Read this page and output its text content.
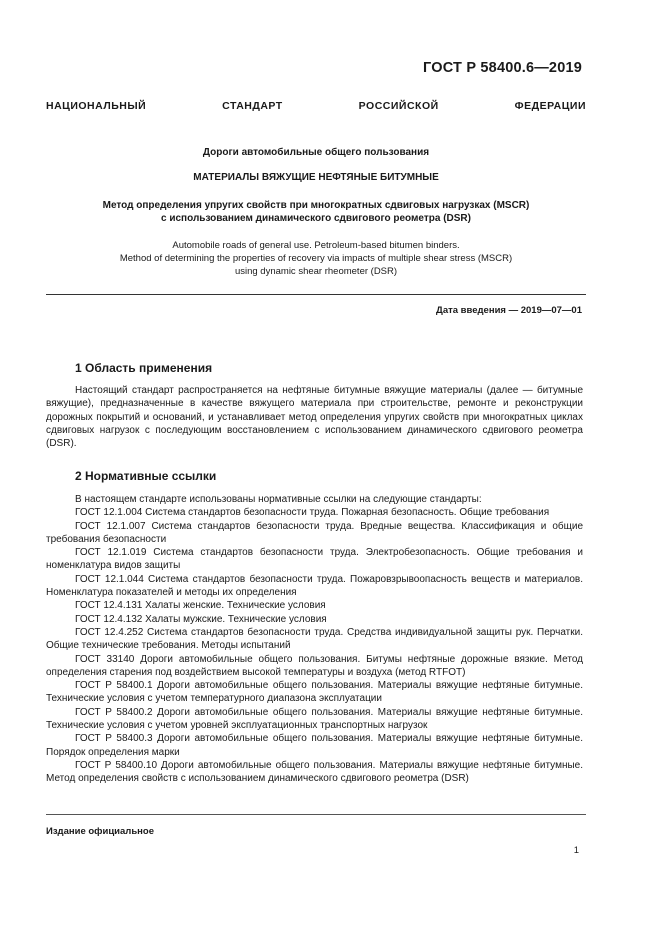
ГОСТ Р 58400.6—2019
НАЦИОНАЛЬНЫЙ СТАНДАРТ РОССИЙСКОЙ ФЕДЕРАЦИИ
Дороги автомобильные общего пользования
МАТЕРИАЛЫ ВЯЖУЩИЕ НЕФТЯНЫЕ БИТУМНЫЕ
Метод определения упругих свойств при многократных сдвиговых нагрузках (MSCR)
с использованием динамического сдвигового реометра (DSR)
Automobile roads of general use. Petroleum-based bitumen binders.
Method of determining the properties of recovery via impacts of multiple shear stress (MSCR)
using dynamic shear rheometer (DSR)
Дата введения — 2019—07—01
1 Область применения

Настоящий стандарт распространяется на нефтяные битумные вяжущие материалы (далее — битумные вяжущие), предназначенные в качестве вяжущего материала при строительстве, ремонте и реконструкции дорожных покрытий и оснований, и устанавливает метод определения упругих свойств при многократных циклах сдвиговых нагрузок с последующим восстановлением с использованием динамического сдвигового реометра (DSR).

2 Нормативные ссылки

В настоящем стандарте использованы нормативные ссылки на следующие стандарты:

ГОСТ 12.1.004 Система стандартов безопасности труда. Пожарная безопасность. Общие требования

ГОСТ 12.1.007 Система стандартов безопасности труда. Вредные вещества. Классификация и общие требования безопасности

ГОСТ 12.1.019 Система стандартов безопасности труда. Электробезопасность. Общие требования и номенклатура видов защиты

ГОСТ 12.1.044 Система стандартов безопасности труда. Пожаровзрывоопасность веществ и материалов. Номенклатура показателей и методы их определения

ГОСТ 12.4.131 Халаты женские. Технические условия

ГОСТ 12.4.132 Халаты мужские. Технические условия

ГОСТ 12.4.252 Система стандартов безопасности труда. Средства индивидуальной защиты рук. Перчатки. Общие технические требования. Методы испытаний

ГОСТ 33140 Дороги автомобильные общего пользования. Битумы нефтяные дорожные вязкие. Метод определения старения под воздействием высокой температуры и воздуха (метод RTFOT)

ГОСТ Р 58400.1 Дороги автомобильные общего пользования. Материалы вяжущие нефтяные битумные. Технические условия с учетом температурного диапазона эксплуатации

ГОСТ Р 58400.2 Дороги автомобильные общего пользования. Материалы вяжущие нефтяные битумные. Технические условия с учетом уровней эксплуатационных транспортных нагрузок

ГОСТ Р 58400.3 Дороги автомобильные общего пользования. Материалы вяжущие нефтяные битумные. Порядок определения марки

ГОСТ Р 58400.10 Дороги автомобильные общего пользования. Материалы вяжущие нефтяные битумные. Метод определения свойств с использованием динамического сдвигового реометра (DSR)

Издание официальное
1
